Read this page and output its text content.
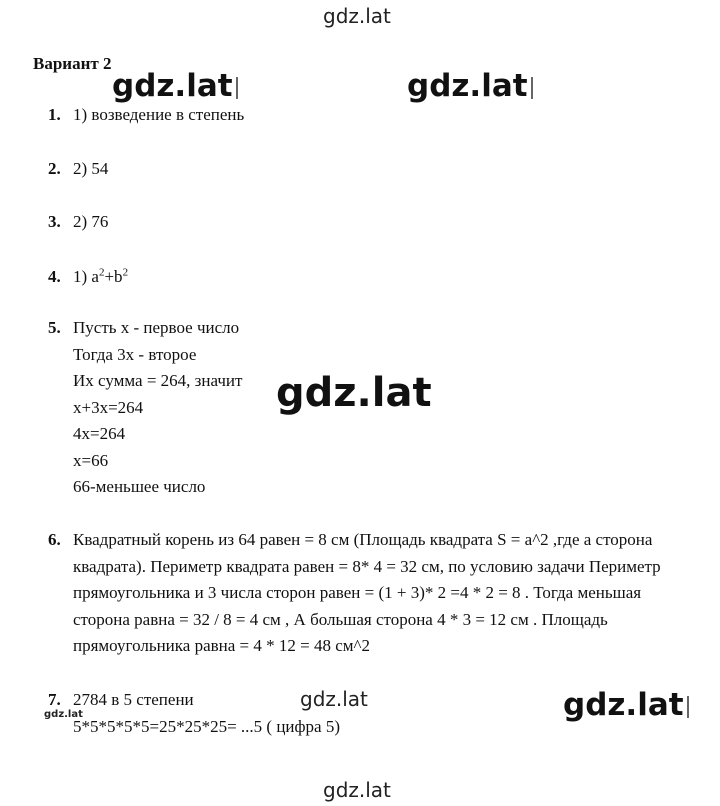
gdz.lat
gdz.lat	gdz.lat
gdz.lat
gdz.lat	gdz.lat
gdz.lat
gdz.lat
Вариант 2
1. 1) возведение в степень
2. 2) 54
3. 2) 76
4. 1) $a^2+b^2$
5. Пусть х - первое число
Тогда 3х - второе
Их сумма = 264, значит
х+3х=264
4х=264
х=66
66-меньшее число
6. Квадратный корень из 64 равен = 8 см (Площадь квадрата S = a^2 ,где а сторона квадрата). Периметр квадрата равен = 8* 4 = 32 см, по условию задачи Периметр прямоугольника и 3 числа сторон равен = (1 + 3)* 2 =4 * 2 = 8 . Тогда меньшая сторона равна = 32 / 8 = 4 см , А большая сторона 4 * 3 = 12 см . Площадь прямоугольника равна = 4 * 12 = 48 см^2
7. 2784 в 5 степени
5*5*5*5*5=25*25*25= ...5 ( цифра 5)
